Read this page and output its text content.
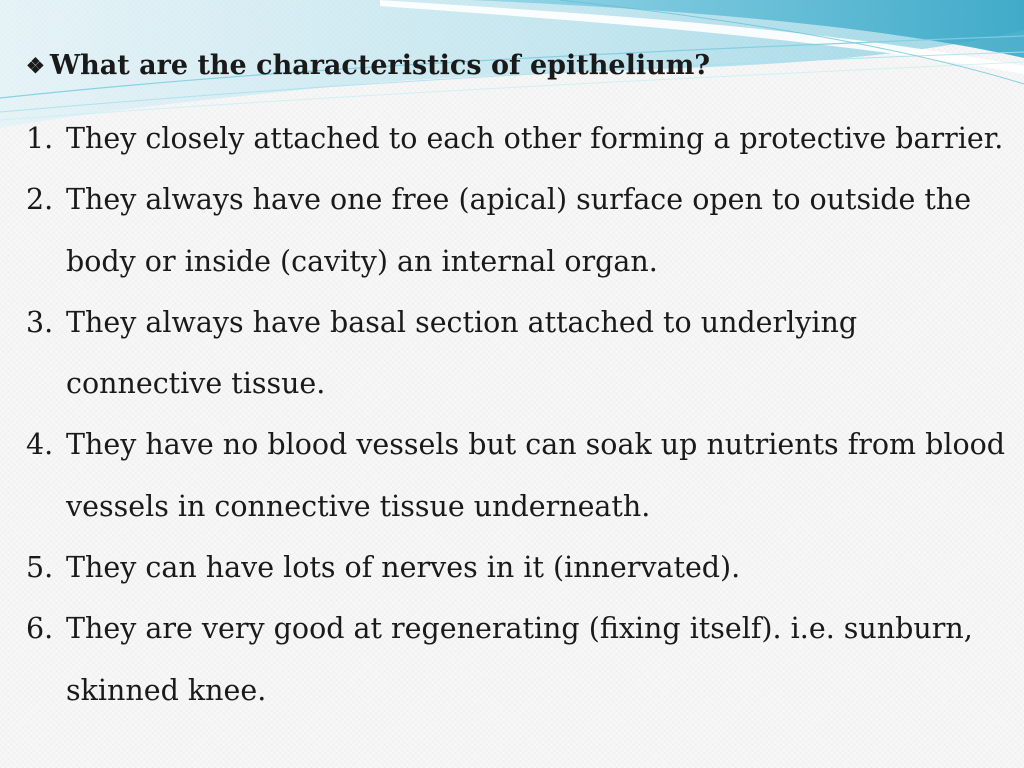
❖ What are the characteristics of epithelium?
1. They closely attached to each other forming a protective barrier.
2. They always have one free (apical) surface open to outside the body or inside (cavity) an internal organ.
3. They always have basal section attached to underlying connective tissue.
4. They have no blood vessels but can soak up nutrients from blood vessels in connective tissue underneath.
5. They can have lots of nerves in it (innervated).
6. They are very good at regenerating (fixing itself). i.e. sunburn, skinned knee.
